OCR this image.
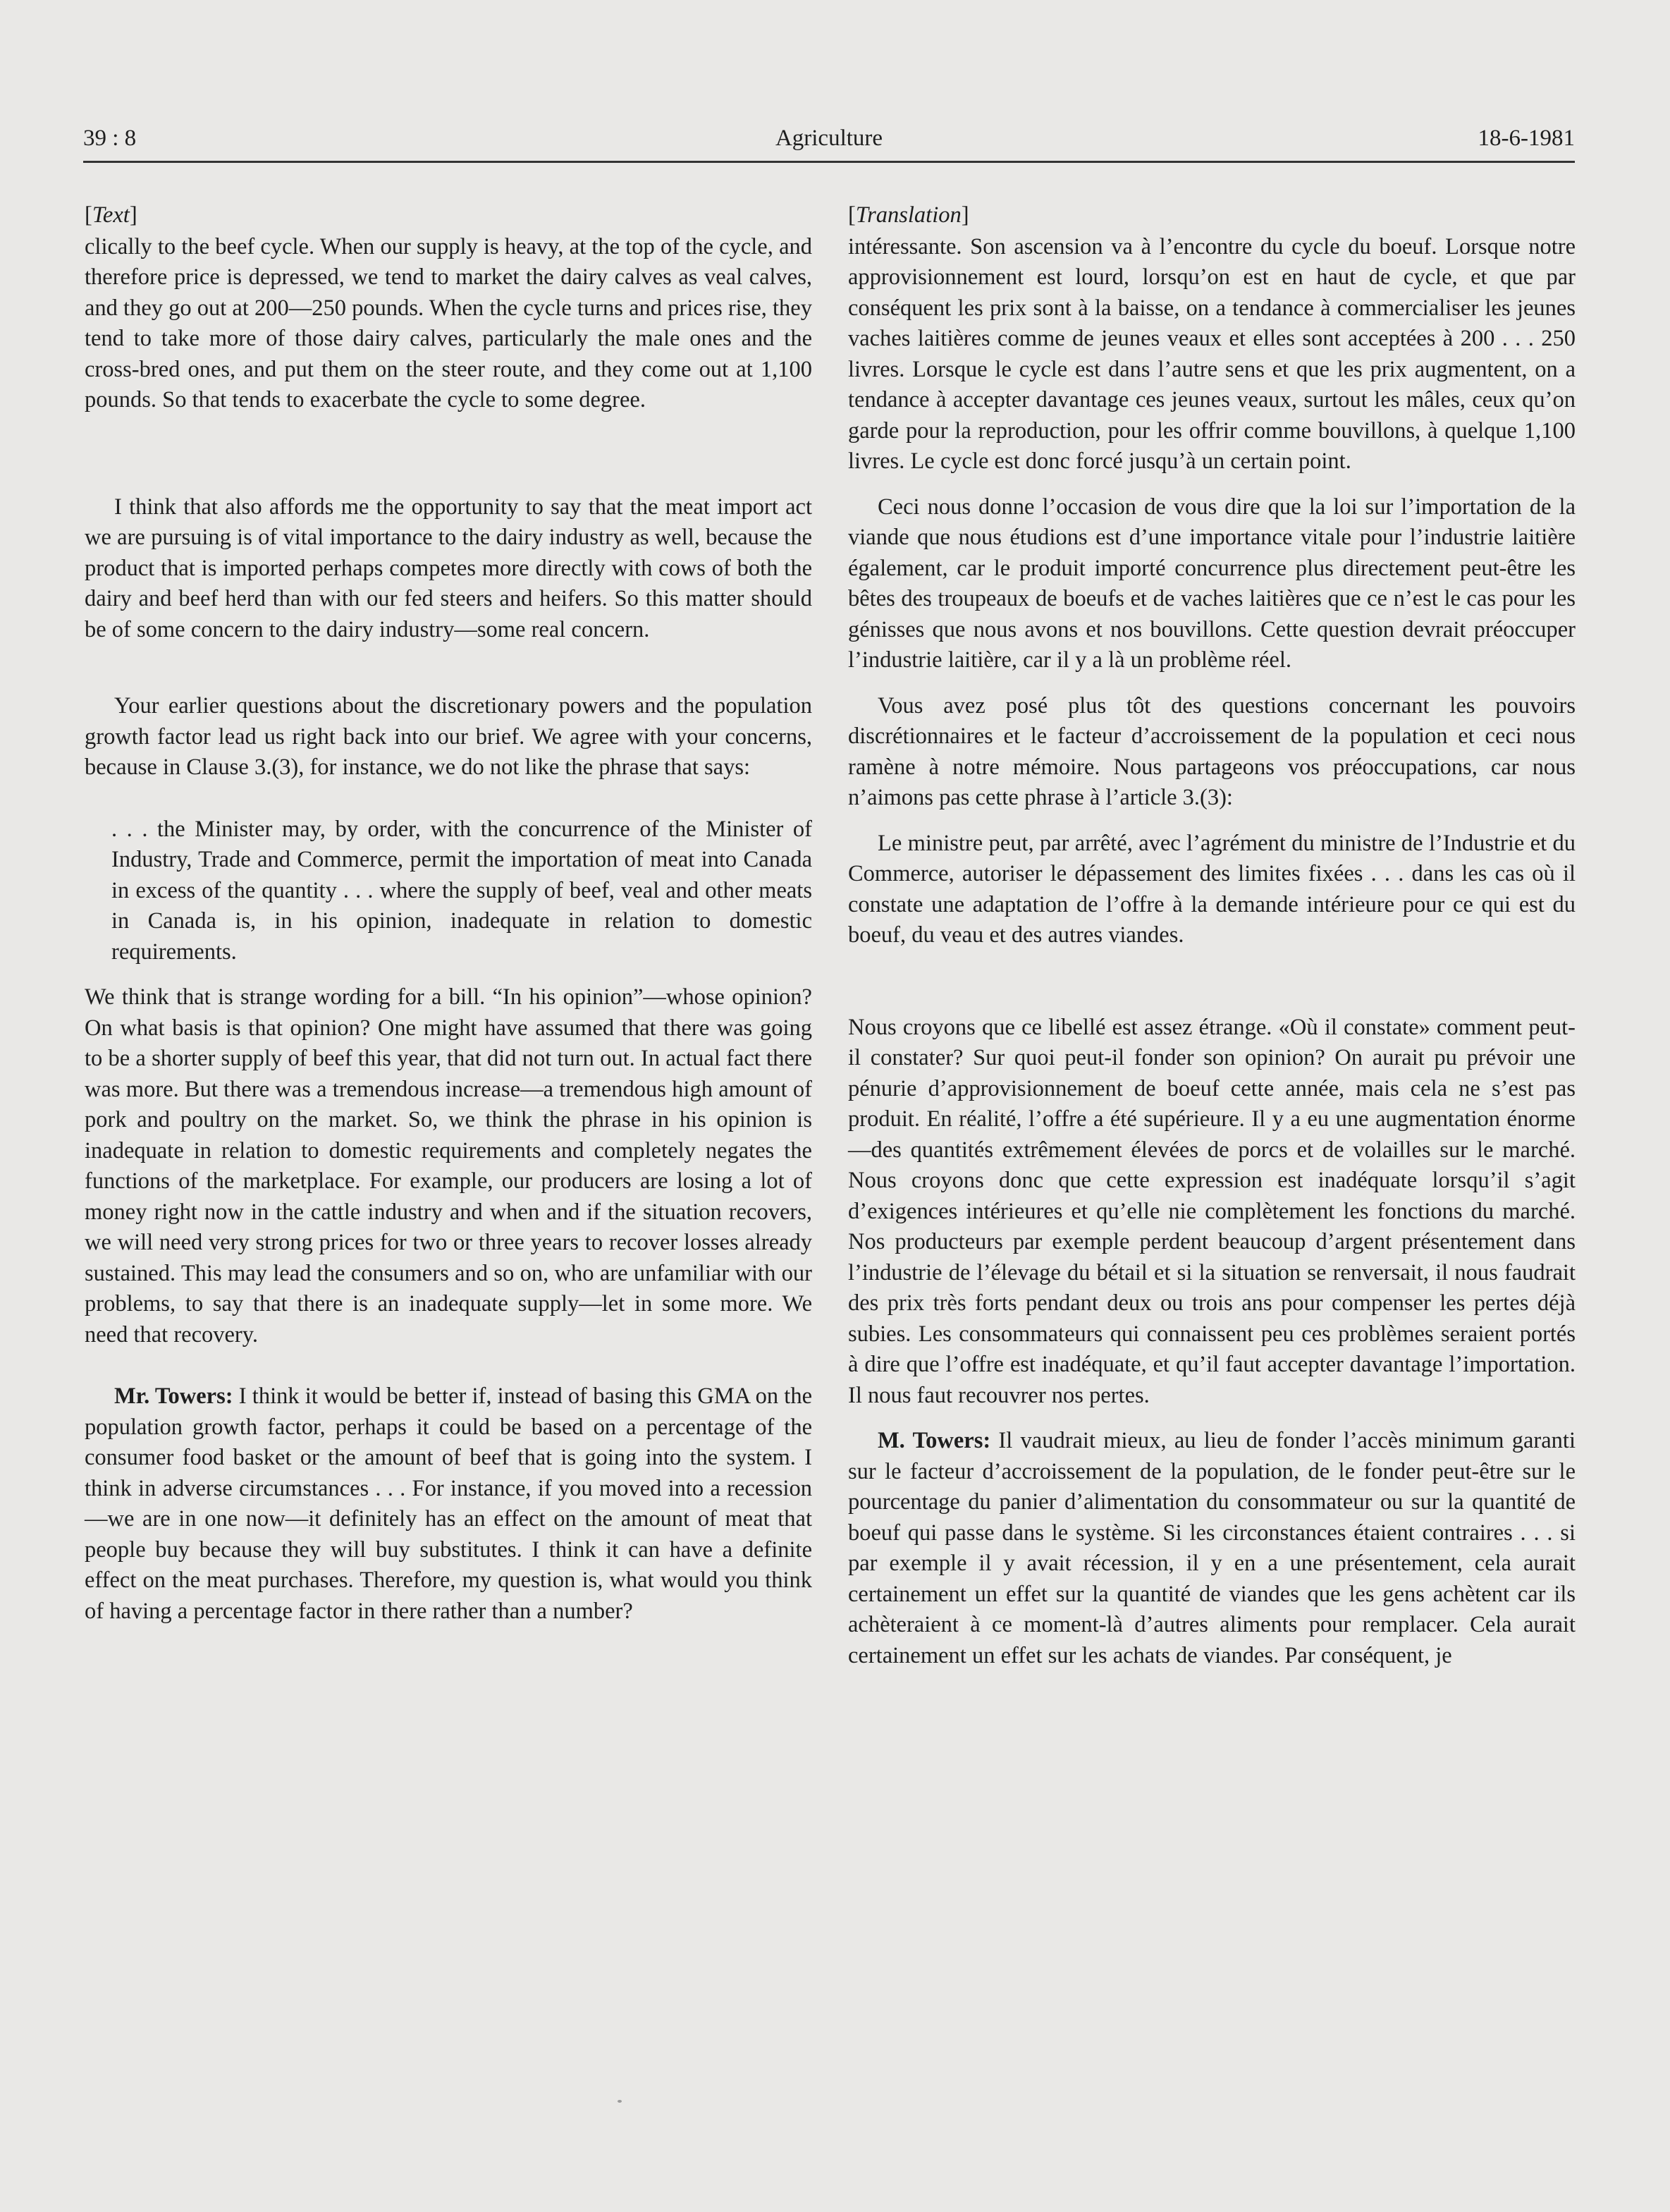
39 : 8	Agriculture	18-6-1981
[Text]

clically to the beef cycle. When our supply is heavy, at the top of the cycle, and therefore price is depressed, we tend to market the dairy calves as veal calves, and they go out at 200—250 pounds. When the cycle turns and prices rise, they tend to take more of those dairy calves, particularly the male ones and the cross-bred ones, and put them on the steer route, and they come out at 1,100 pounds. So that tends to exacerbate the cycle to some degree.

I think that also affords me the opportunity to say that the meat import act we are pursuing is of vital importance to the dairy industry as well, because the product that is imported perhaps competes more directly with cows of both the dairy and beef herd than with our fed steers and heifers. So this matter should be of some concern to the dairy industry—some real concern.

Your earlier questions about the discretionary powers and the population growth factor lead us right back into our brief. We agree with your concerns, because in Clause 3.(3), for instance, we do not like the phrase that says:

. . . the Minister may, by order, with the concurrence of the Minister of Industry, Trade and Commerce, permit the importation of meat into Canada in excess of the quantity . . . where the supply of beef, veal and other meats in Canada is, in his opinion, inadequate in relation to domestic requirements.

We think that is strange wording for a bill. “In his opinion”—whose opinion? On what basis is that opinion? One might have assumed that there was going to be a shorter supply of beef this year, that did not turn out. In actual fact there was more. But there was a tremendous increase—a tremendous high amount of pork and poultry on the market. So, we think the phrase in his opinion is inadequate in relation to domestic requirements and completely negates the functions of the marketplace. For example, our producers are losing a lot of money right now in the cattle industry and when and if the situation recovers, we will need very strong prices for two or three years to recover losses already sustained. This may lead the consumers and so on, who are unfamiliar with our problems, to say that there is an inadequate supply—let in some more. We need that recovery.

Mr. Towers: I think it would be better if, instead of basing this GMA on the population growth factor, perhaps it could be based on a percentage of the consumer food basket or the amount of beef that is going into the system. I think in adverse circumstances . . . For instance, if you moved into a recession—we are in one now—it definitely has an effect on the amount of meat that people buy because they will buy substitutes. I think it can have a definite effect on the meat purchases. Therefore, my question is, what would you think of having a percentage factor in there rather than a number?

[Translation]

intéressante. Son ascension va à l’encontre du cycle du boeuf. Lorsque notre approvisionnement est lourd, lorsqu’on est en haut de cycle, et que par conséquent les prix sont à la baisse, on a tendance à commercialiser les jeunes vaches laitières comme de jeunes veaux et elles sont acceptées à 200 . . . 250 livres. Lorsque le cycle est dans l’autre sens et que les prix augmentent, on a tendance à accepter davantage ces jeunes veaux, surtout les mâles, ceux qu’on garde pour la reproduction, pour les offrir comme bouvillons, à quelque 1,100 livres. Le cycle est donc forcé jusqu’à un certain point.

Ceci nous donne l’occasion de vous dire que la loi sur l’importation de la viande que nous étudions est d’une importance vitale pour l’industrie laitière également, car le produit importé concurrence plus directement peut-être les bêtes des troupeaux de boeufs et de vaches laitières que ce n’est le cas pour les génisses que nous avons et nos bouvillons. Cette question devrait préoccuper l’industrie laitière, car il y a là un problème réel.

Vous avez posé plus tôt des questions concernant les pouvoirs discrétionnaires et le facteur d’accroissement de la population et ceci nous ramène à notre mémoire. Nous partageons vos préoccupations, car nous n’aimons pas cette phrase à l’article 3.(3):

Le ministre peut, par arrêté, avec l’agrément du ministre de l’Industrie et du Commerce, autoriser le dépassement des limites fixées . . . dans les cas où il constate une adaptation de l’offre à la demande intérieure pour ce qui est du boeuf, du veau et des autres viandes.

Nous croyons que ce libellé est assez étrange. «Où il constate» comment peut-il constater? Sur quoi peut-il fonder son opinion? On aurait pu prévoir une pénurie d’approvisionnement de boeuf cette année, mais cela ne s’est pas produit. En réalité, l’offre a été supérieure. Il y a eu une augmentation énorme—des quantités extrêmement élevées de porcs et de volailles sur le marché. Nous croyons donc que cette expression est inadéquate lorsqu’il s’agit d’exigences intérieures et qu’elle nie complètement les fonctions du marché. Nos producteurs par exemple perdent beaucoup d’argent présentement dans l’industrie de l’élevage du bétail et si la situation se renversait, il nous faudrait des prix très forts pendant deux ou trois ans pour compenser les pertes déjà subies. Les consommateurs qui connaissent peu ces problèmes seraient portés à dire que l’offre est inadéquate, et qu’il faut accepter davantage l’importation. Il nous faut recouvrer nos pertes.

M. Towers: Il vaudrait mieux, au lieu de fonder l’accès minimum garanti sur le facteur d’accroissement de la population, de le fonder peut-être sur le pourcentage du panier d’alimentation du consommateur ou sur la quantité de boeuf qui passe dans le système. Si les circonstances étaient contraires . . . si par exemple il y avait récession, il y en a une présentement, cela aurait certainement un effet sur la quantité de viandes que les gens achètent car ils achèteraient à ce moment-là d’autres aliments pour remplacer. Cela aurait certainement un effet sur les achats de viandes. Par conséquent, je
